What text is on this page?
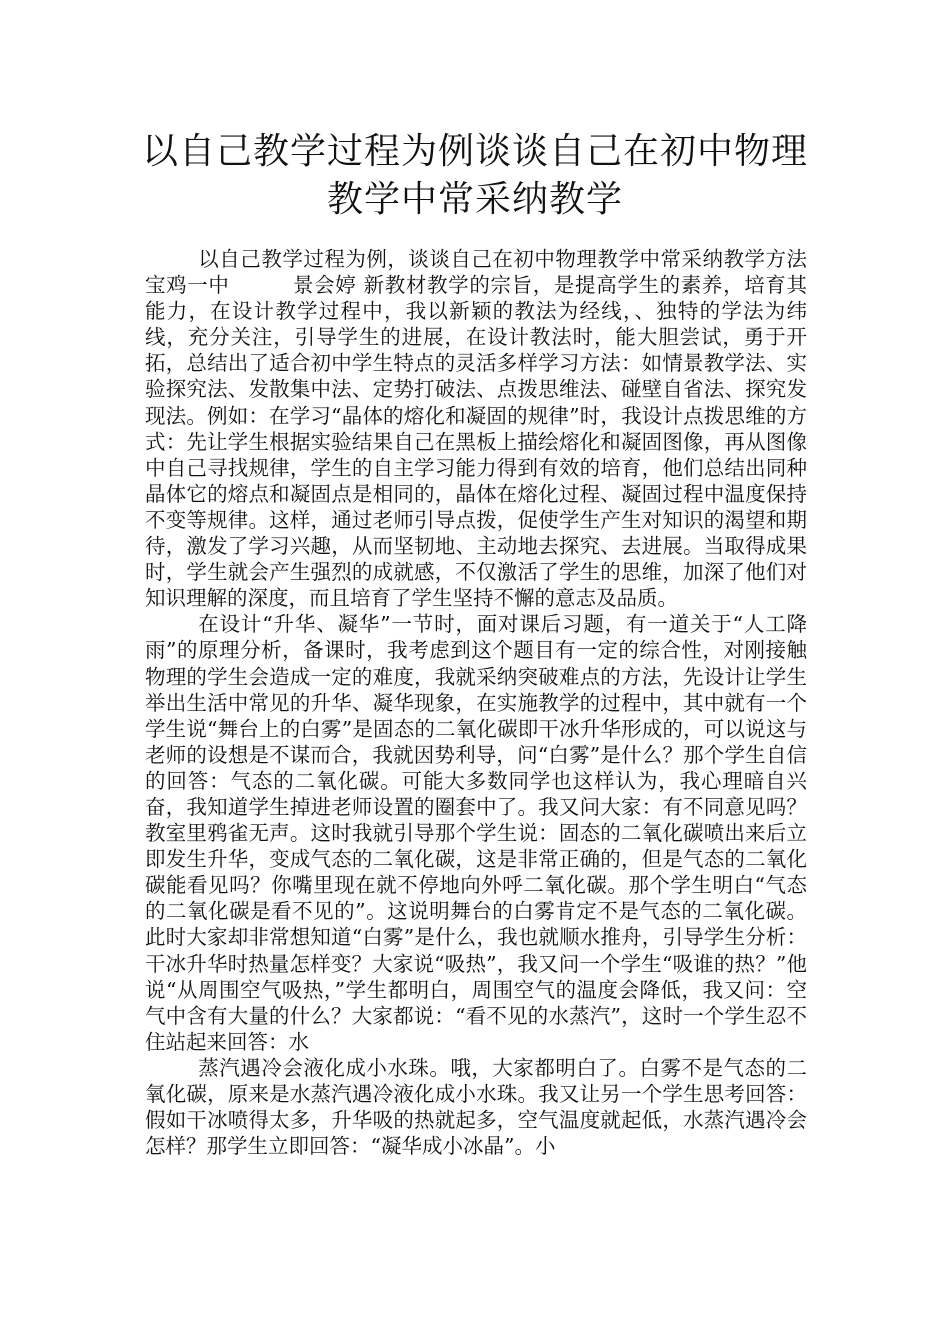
以自己教学过程为例谈谈自己在初中物理
教学中常采纳教学

以自己教学过程为例，谈谈自己在初中物理教学中常采纳教学方法 宝鸡一中　　　景会婷 新教材教学的宗旨，是提高学生的素养，培育其能力，在设计教学过程中，我以新颖的教法为经线，、独特的学法为纬线，充分关注，引导学生的进展，在设计教法时，能大胆尝试，勇于开拓，总结出了适合初中学生特点的灵活多样学习方法：如情景教学法、实验探究法、发散集中法、定势打破法、点拨思维法、碰壁自省法、探究发现法。例如：在学习“晶体的熔化和凝固的规律”时，我设计点拨思维的方式：先让学生根据实验结果自己在黑板上描绘熔化和凝固图像，再从图像中自己寻找规律，学生的自主学习能力得到有效的培育，他们总结出同种晶体它的熔点和凝固点是相同的，晶体在熔化过程、凝固过程中温度保持不变等规律。这样，通过老师引导点拨，促使学生产生对知识的渴望和期待，激发了学习兴趣，从而坚韧地、主动地去探究、去进展。当取得成果时，学生就会产生强烈的成就感，不仅激活了学生的思维，加深了他们对知识理解的深度，而且培育了学生坚持不懈的意志及品质。

在设计“升华、凝华”一节时，面对课后习题，有一道关于“人工降雨”的原理分析，备课时，我考虑到这个题目有一定的综合性，对刚接触物理的学生会造成一定的难度，我就采纳突破难点的方法，先设计让学生举出生活中常见的升华、凝华现象，在实施教学的过程中，其中就有一个学生说“舞台上的白雾”是固态的二氧化碳即干冰升华形成的，可以说这与老师的设想是不谋而合，我就因势利导，问“白雾”是什么？那个学生自信的回答：气态的二氧化碳。可能大多数同学也这样认为，我心理暗自兴奋，我知道学生掉进老师设置的圈套中了。我又问大家：有不同意见吗？教室里鸦雀无声。这时我就引导那个学生说：固态的二氧化碳喷出来后立即发生升华，变成气态的二氧化碳，这是非常正确的，但是气态的二氧化碳能看见吗？你嘴里现在就不停地向外呼二氧化碳。那个学生明白“气态的二氧化碳是看不见的”。这说明舞台的白雾肯定不是气态的二氧化碳。此时大家却非常想知道“白雾”是什么，我也就顺水推舟，引导学生分析：干冰升华时热量怎样变？大家说“吸热”，我又问一个学生“吸谁的热？”他说“从周围空气吸热，”学生都明白，周围空气的温度会降低，我又问：空气中含有大量的什么？大家都说：“看不见的水蒸汽”，这时一个学生忍不住站起来回答：水

蒸汽遇冷会液化成小水珠。哦，大家都明白了。白雾不是气态的二氧化碳，原来是水蒸汽遇冷液化成小水珠。我又让另一个学生思考回答：假如干冰喷得太多，升华吸的热就起多，空气温度就起低，水蒸汽遇冷会怎样？那学生立即回答：“凝华成小冰晶”。小
